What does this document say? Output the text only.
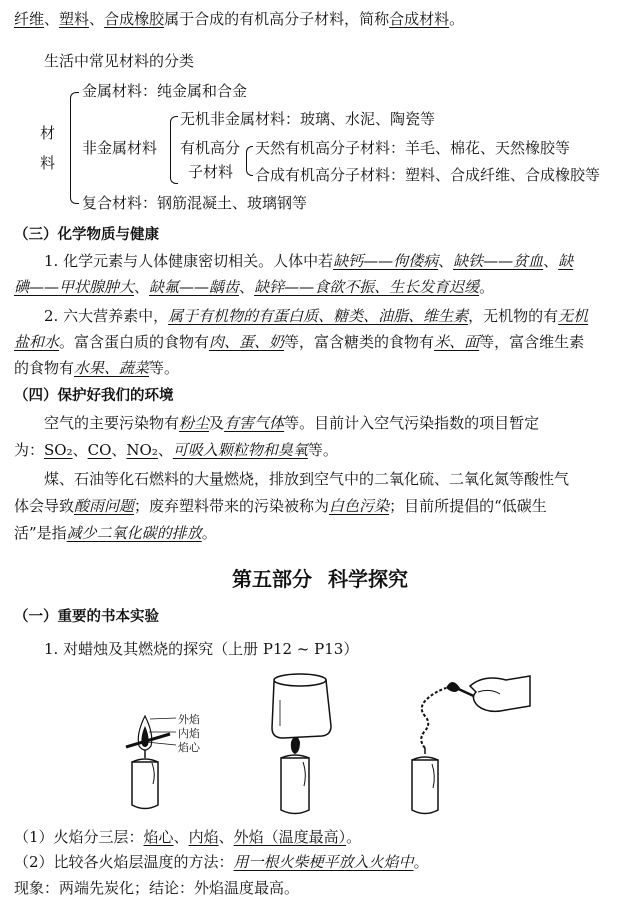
纤维、塑料、合成橡胶属于合成的有机高分子材料，简称合成材料。
生活中常见材料的分类
材料
金属材料：纯金属和合金
非金属材料
无机非金属材料：玻璃、水泥、陶瓷等
有机高分
子材料
天然有机高分子材料：羊毛、棉花、天然橡胶等
合成有机高分子材料：塑料、合成纤维、合成橡胶等
复合材料：钢筋混凝土、玻璃钢等
（三）化学物质与健康
1. 化学元素与人体健康密切相关。人体中若缺钙——佝偻病、缺铁——贫血、缺
碘——甲状腺肿大、缺氟——龋齿、缺锌——食欲不振、生长发育迟缓。
2. 六大营养素中，属于有机物的有蛋白质、糖类、油脂、维生素，无机物的有无机
盐和水。富含蛋白质的食物有肉、蛋、奶等，富含糖类的食物有米、面等，富含维生素
的食物有水果、蔬菜等。
（四）保护好我们的环境
空气的主要污染物有粉尘及有害气体等。目前计入空气污染指数的项目暂定
为：SO₂、CO、NO₂、可吸入颗粒物和臭氧等。
煤、石油等化石燃料的大量燃烧，排放到空气中的二氧化硫、二氧化氮等酸性气
体会导致酸雨问题；废弃塑料带来的污染被称为白色污染；目前所提倡的“低碳生
活”是指减少二氧化碳的排放。
第五部分 科学探究
（一）重要的书本实验
1. 对蜡烛及其燃烧的探究（上册 P12 ~ P13）
外焰
内焰
焰心
（1）火焰分三层：焰心、内焰、外焰（温度最高）。
（2）比较各火焰层温度的方法：用一根火柴梗平放入火焰中。
现象：两端先炭化；结论：外焰温度最高。
